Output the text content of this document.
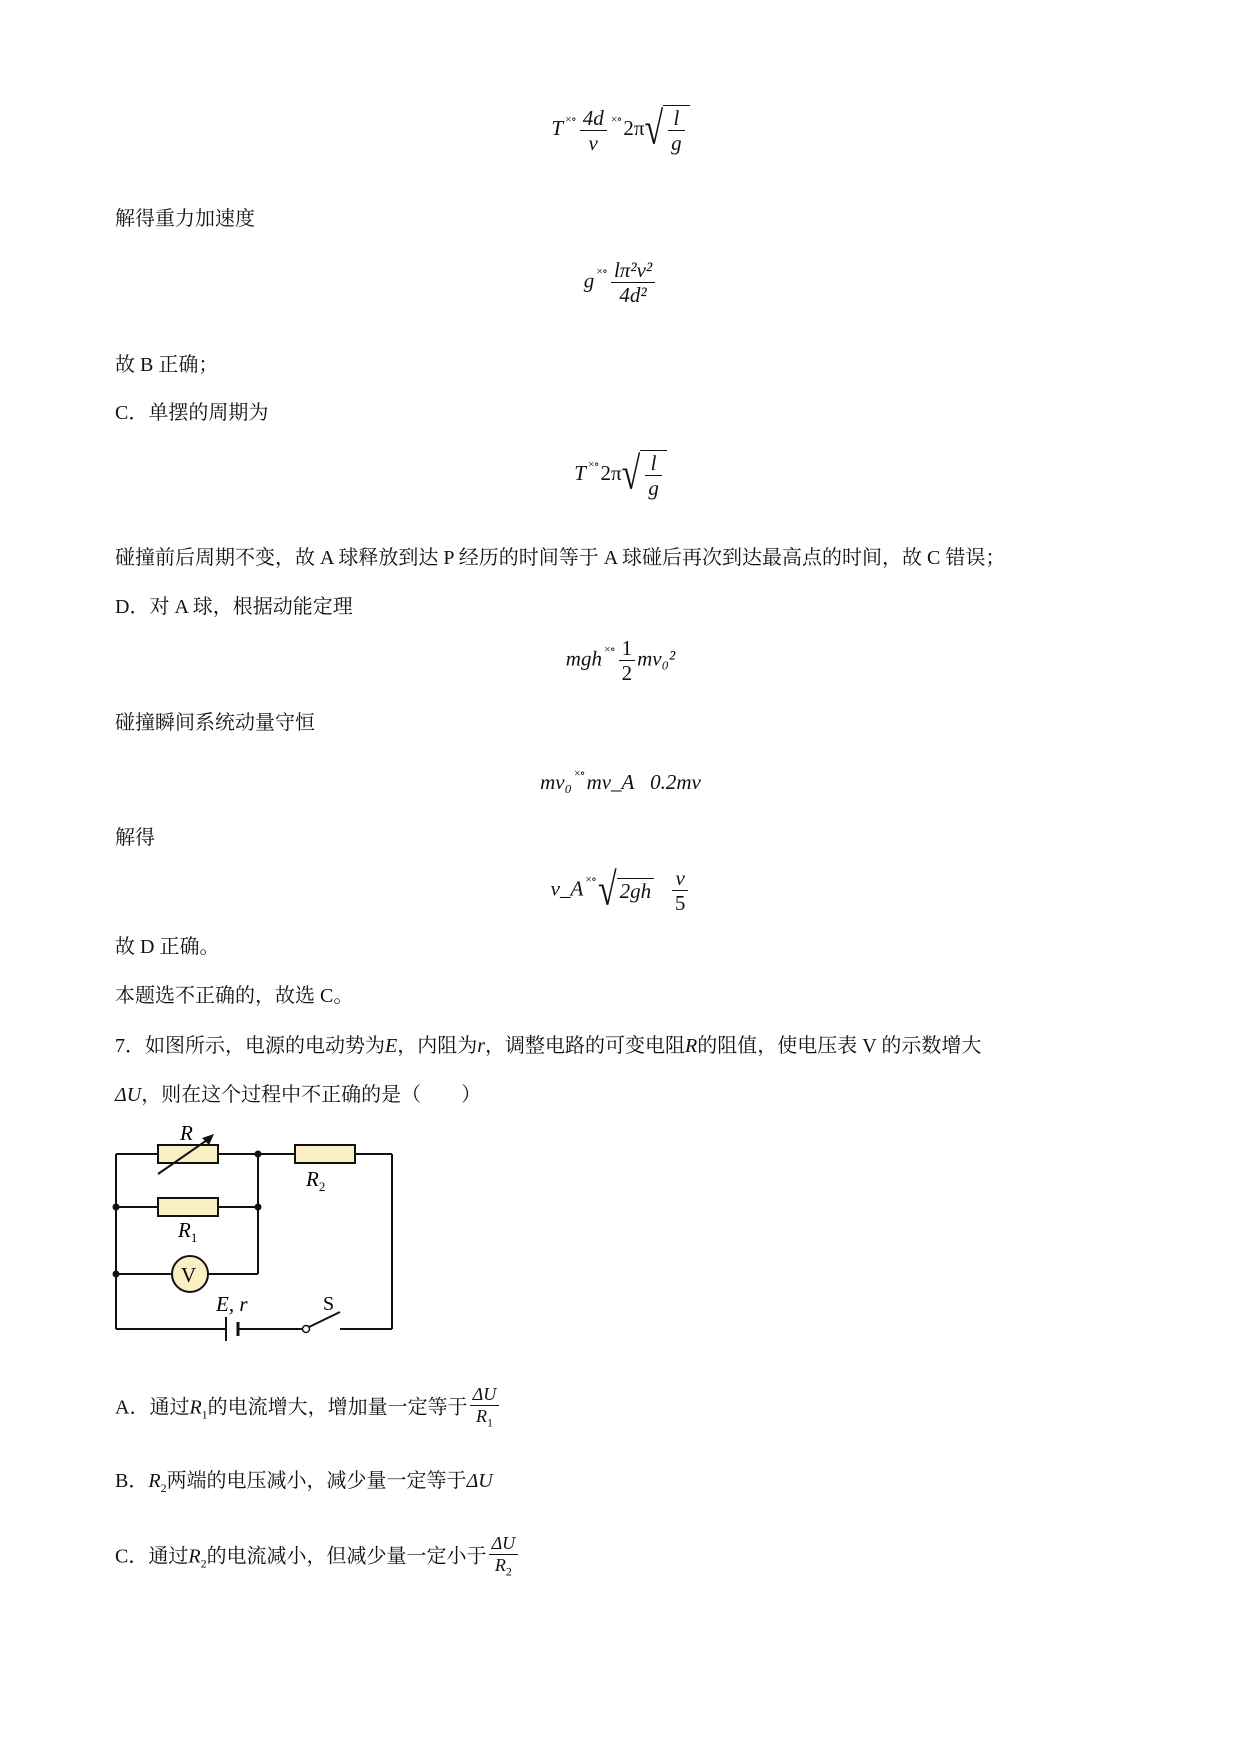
T ×∘ $\frac{4d}{v}$ ×∘2π√ $\frac{l}{g}$
解得重力加速度
g ×∘ $\frac{\text{lπ²v²}}{\text{4d²}}$
故 B 正确；
C．单摆的周期为
T ×∘2π√ $\frac{l}{g}$
碰撞前后周期不变，故 A 球释放到达 P 经历的时间等于 A 球碰后再次到达最高点的时间，故 C 错误；
D．对 A 球，根据动能定理
mgh ×∘ $\frac{1}{2} mv_0^2$
碰撞瞬间系统动量守恒
mv₀ ×∘mv_A 0.2mv
解得
v_A ×∘√ $2gh \frac{v}{5}$
故 D 正确。
本题选不正确的，故选 C。
7．如图所示，电源的电动势为E，内阻为r，调整电路的可变电阻R的阻值，使电压表 V 的示数增大
ΔU，则在这个过程中不正确的是（　　）
R
$R_2$
$R_1$
V
E, r	S
A．通过$R_1$的电流增大，增加量一定等于 $\frac{\Delta U}{R_1}$
B．$R_2$两端的电压减小，减少量一定等于ΔU
C．通过$R_2$的电流减小，但减少量一定小于 $\frac{\Delta U}{R_2}$
